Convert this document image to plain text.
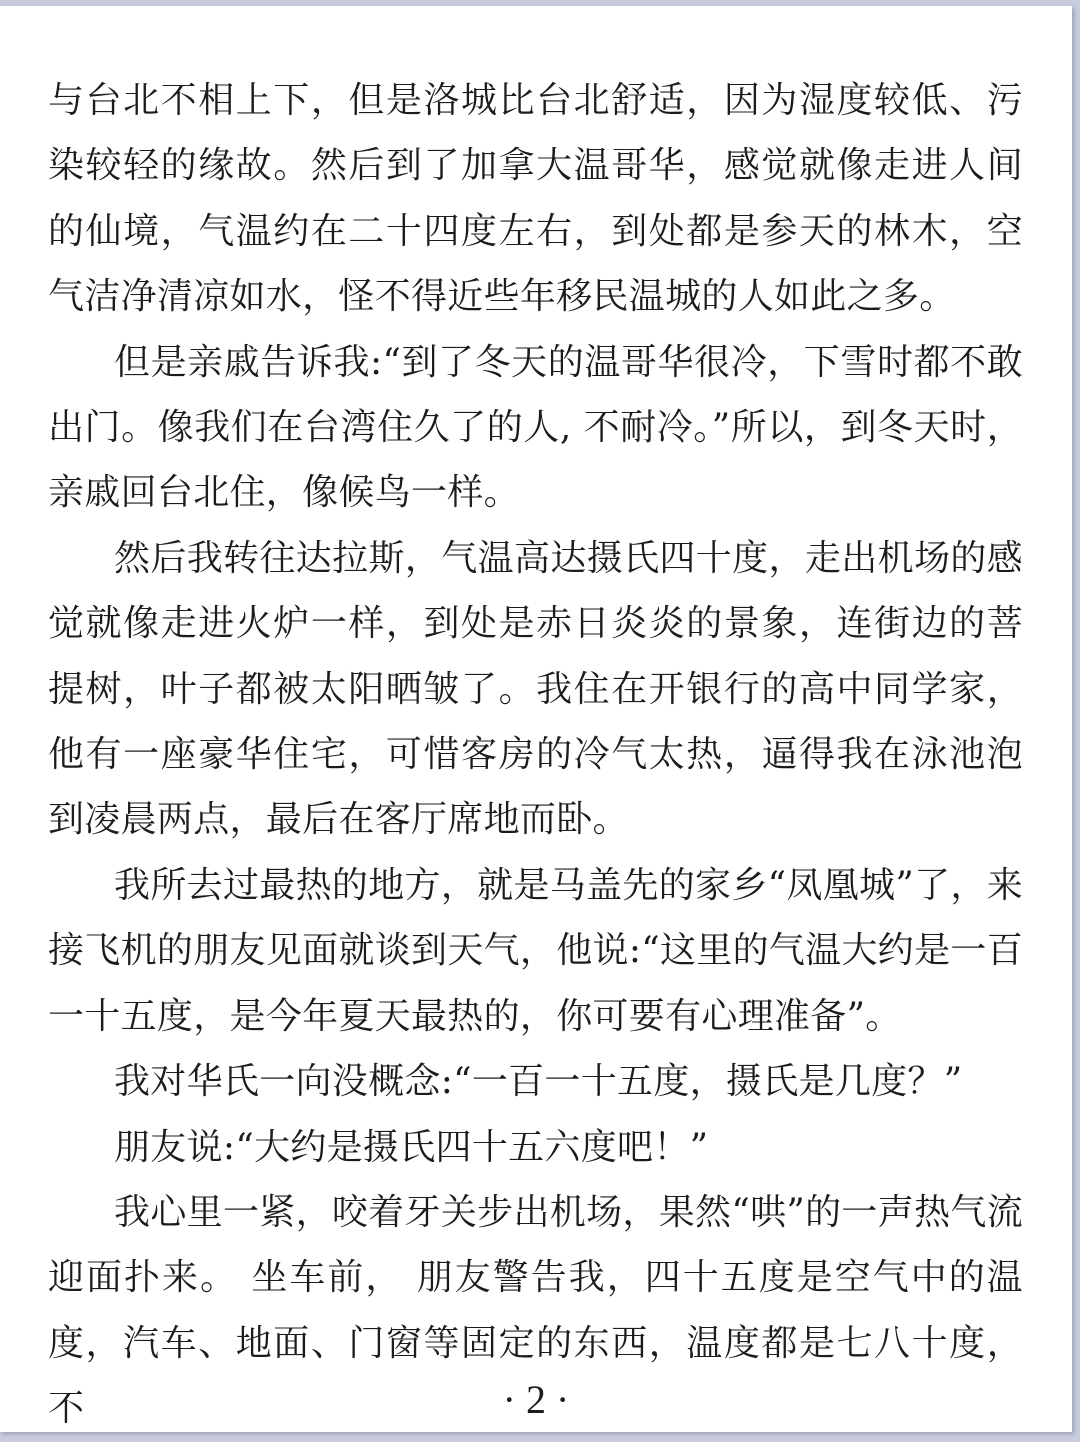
与台北不相上下，但是洛城比台北舒适，因为湿度较低、污染较轻的缘故。然后到了加拿大温哥华，感觉就像走进人间的仙境，气温约在二十四度左右，到处都是参天的林木，空气洁净清凉如水，怪不得近些年移民温城的人如此之多。

但是亲戚告诉我:“到了冬天的温哥华很冷，下雪时都不敢出门。像我们在台湾住久了的人, 不耐冷。”所以，到冬天时，亲戚回台北住，像候鸟一样。

然后我转往达拉斯，气温高达摄氏四十度，走出机场的感觉就像走进火炉一样，到处是赤日炎炎的景象，连街边的菩提树，叶子都被太阳晒皱了。我住在开银行的高中同学家，他有一座豪华住宅，可惜客房的冷气太热，逼得我在泳池泡到凌晨两点，最后在客厅席地而卧。

我所去过最热的地方，就是马盖先的家乡“凤凰城”了，来接飞机的朋友见面就谈到天气，他说:“这里的气温大约是一百一十五度，是今年夏天最热的，你可要有心理准备”。

我对华氏一向没概念:“一百一十五度，摄氏是几度？”

朋友说:“大约是摄氏四十五六度吧！”

我心里一紧，咬着牙关步出机场，果然“哄”的一声热气流迎面扑来。 坐车前， 朋友警告我，四十五度是空气中的温度，汽车、地面、门窗等固定的东西，温度都是七八十度，不	· 2 ·
